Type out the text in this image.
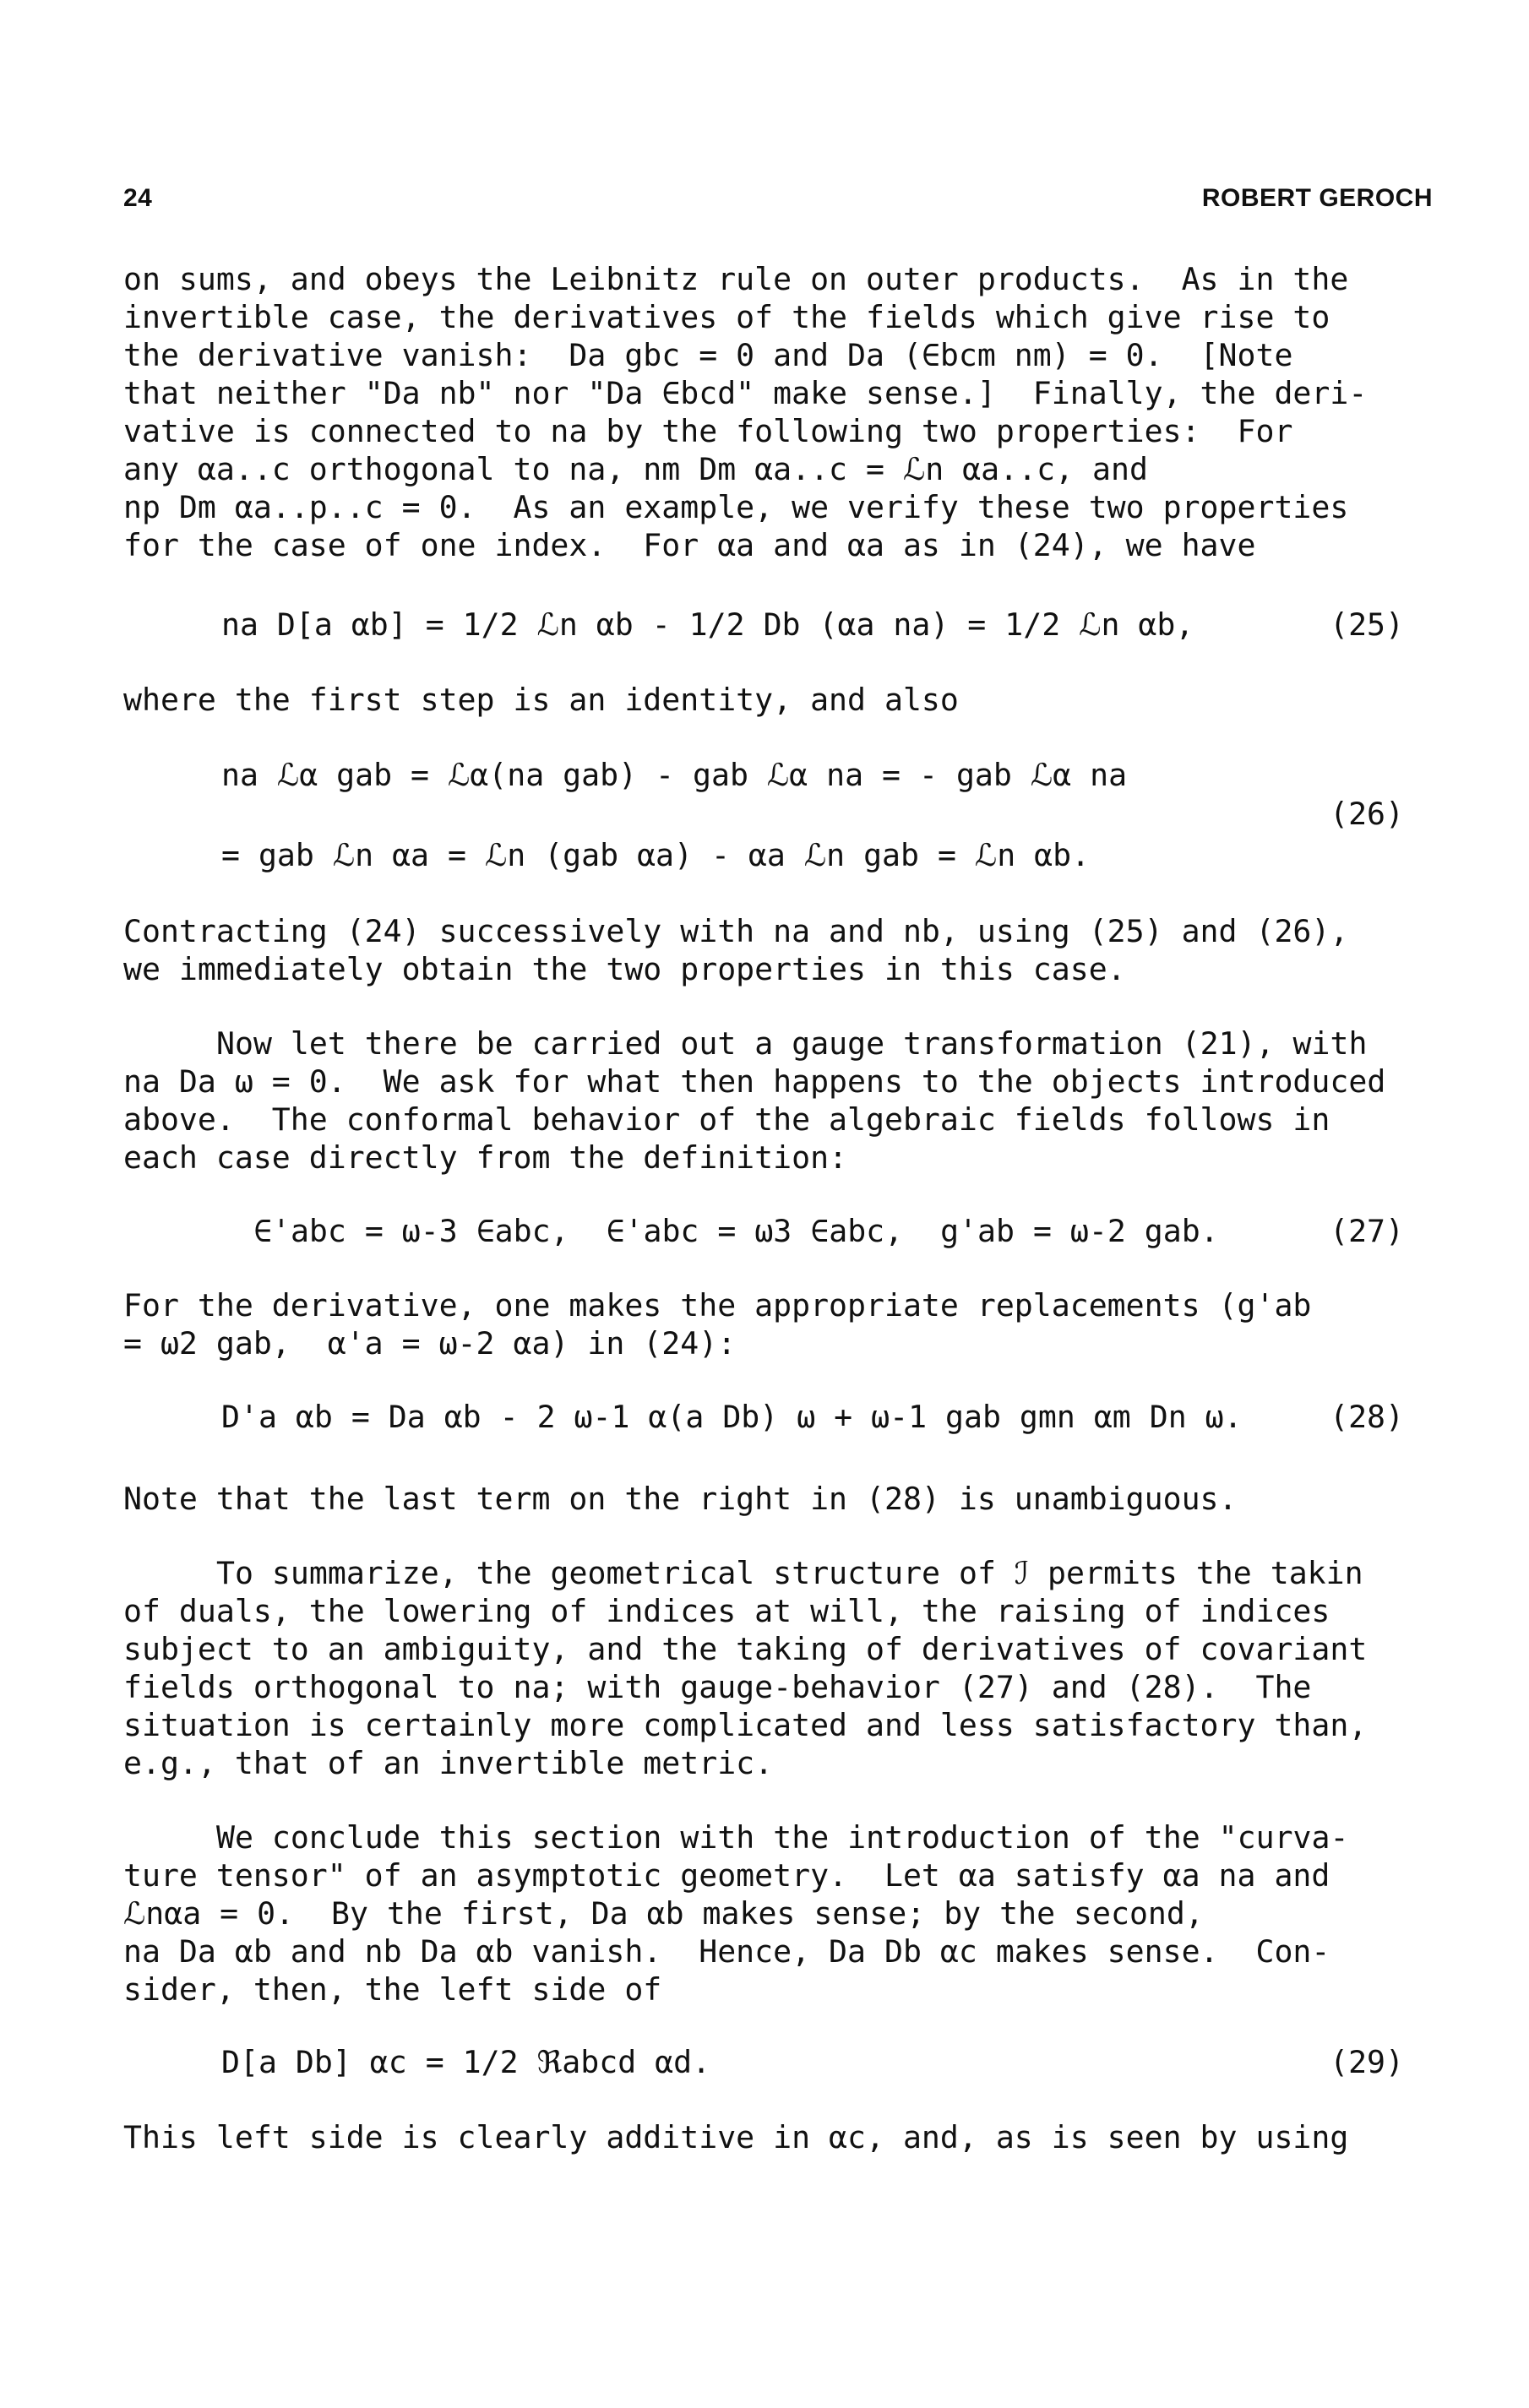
24	ROBERT GEROCH
on sums, and obeys the Leibnitz rule on outer products.  As in the
invertible case, the derivatives of the fields which give rise to
the derivative vanish:  Da gbc = 0 and Da (∈bcm nm) = 0.  [Note
that neither "Da nb" nor "Da ∈bcd" make sense.]  Finally, the deri-
vative is connected to na by the following two properties:  For
any αa..c orthogonal to na, nm Dm αa..c = ℒn αa..c, and
np Dm αa..p..c = 0.  As an example, we verify these two properties
for the case of one index.  For αa and αa as in (24), we have
na D[a αb] = 1/2 ℒn αb - 1/2 Db (αa na) = 1/2 ℒn αb,	(25)
where the first step is an identity, and also
na ℒα gab = ℒα(na gab) - gab ℒα na = - gab ℒα na
= gab ℒn αa = ℒn (gab αa) - αa ℒn gab = ℒn αb.
(26)
Contracting (24) successively with na and nb, using (25) and (26),
we immediately obtain the two properties in this case.
Now let there be carried out a gauge transformation (21), with
na Da ω = 0.  We ask for what then happens to the objects introduced
above.  The conformal behavior of the algebraic fields follows in
each case directly from the definition:
∈'abc = ω-3 ∈abc,  ∈'abc = ω3 ∈abc,  g'ab = ω-2 gab.	(27)
For the derivative, one makes the appropriate replacements (g'ab
= ω2 gab,  α'a = ω-2 αa) in (24):
D'a αb = Da αb - 2 ω-1 α(a Db) ω + ω-1 gab gmn αm Dn ω.	(28)
Note that the last term on the right in (28) is unambiguous.
To summarize, the geometrical structure of ℐ permits the takin
of duals, the lowering of indices at will, the raising of indices
subject to an ambiguity, and the taking of derivatives of covariant
fields orthogonal to na; with gauge-behavior (27) and (28).  The
situation is certainly more complicated and less satisfactory than,
e.g., that of an invertible metric.
We conclude this section with the introduction of the "curva-
ture tensor" of an asymptotic geometry.  Let αa satisfy αa na and
ℒnαa = 0.  By the first, Da αb makes sense; by the second,
na Da αb and nb Da αb vanish.  Hence, Da Db αc makes sense.  Con-
sider, then, the left side of
D[a Db] αc = 1/2 ℜabcd αd.	(29)
This left side is clearly additive in αc, and, as is seen by using
